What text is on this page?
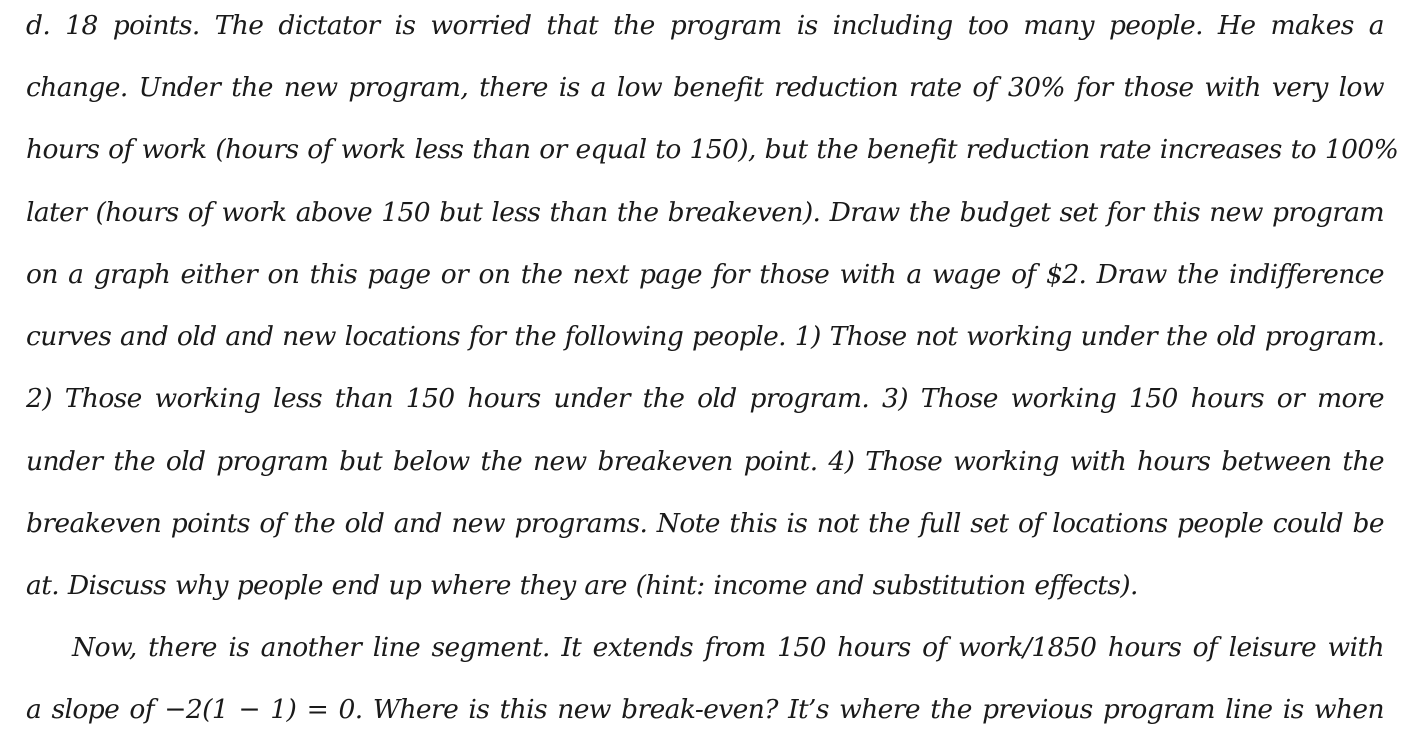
d. 18 points. The dictator is worried that the program is including too many people. He makes a
change. Under the new program, there is a low benefit reduction rate of 30% for those with very low
hours of work (hours of work less than or equal to 150), but the benefit reduction rate increases to 100%
later (hours of work above 150 but less than the breakeven). Draw the budget set for this new program
on a graph either on this page or on the next page for those with a wage of $2. Draw the indifference
curves and old and new locations for the following people. 1) Those not working under the old program.
2) Those working less than 150 hours under the old program. 3) Those working 150 hours or more
under the old program but below the new breakeven point. 4) Those working with hours between the
breakeven points of the old and new programs. Note this is not the full set of locations people could be
at. Discuss why people end up where they are (hint: income and substitution effects).
Now, there is another line segment. It extends from 150 hours of work/1850 hours of leisure with
a slope of −2(1 − 1) = 0. Where is this new break-even? It’s where the previous program line is when
